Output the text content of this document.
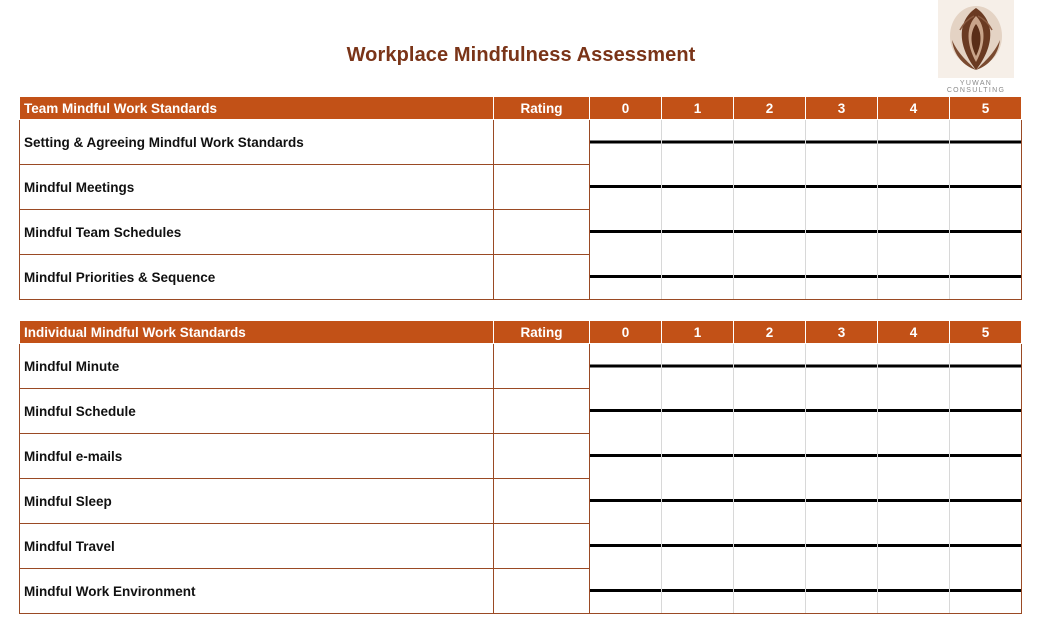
Workplace Mindfulness Assessment
YUWAN CONSULTING
Team Mindful Work Standards	Rating	0	1	2	3	4	5
Setting & Agreeing Mindful Work Standards							
Mindful Meetings							
Mindful Team Schedules							
Mindful Priorities & Sequence							
Individual Mindful Work Standards	Rating	0	1	2	3	4	5
Mindful Minute							
Mindful Schedule							
Mindful e-mails							
Mindful Sleep							
Mindful Travel							
Mindful Work Environment							
